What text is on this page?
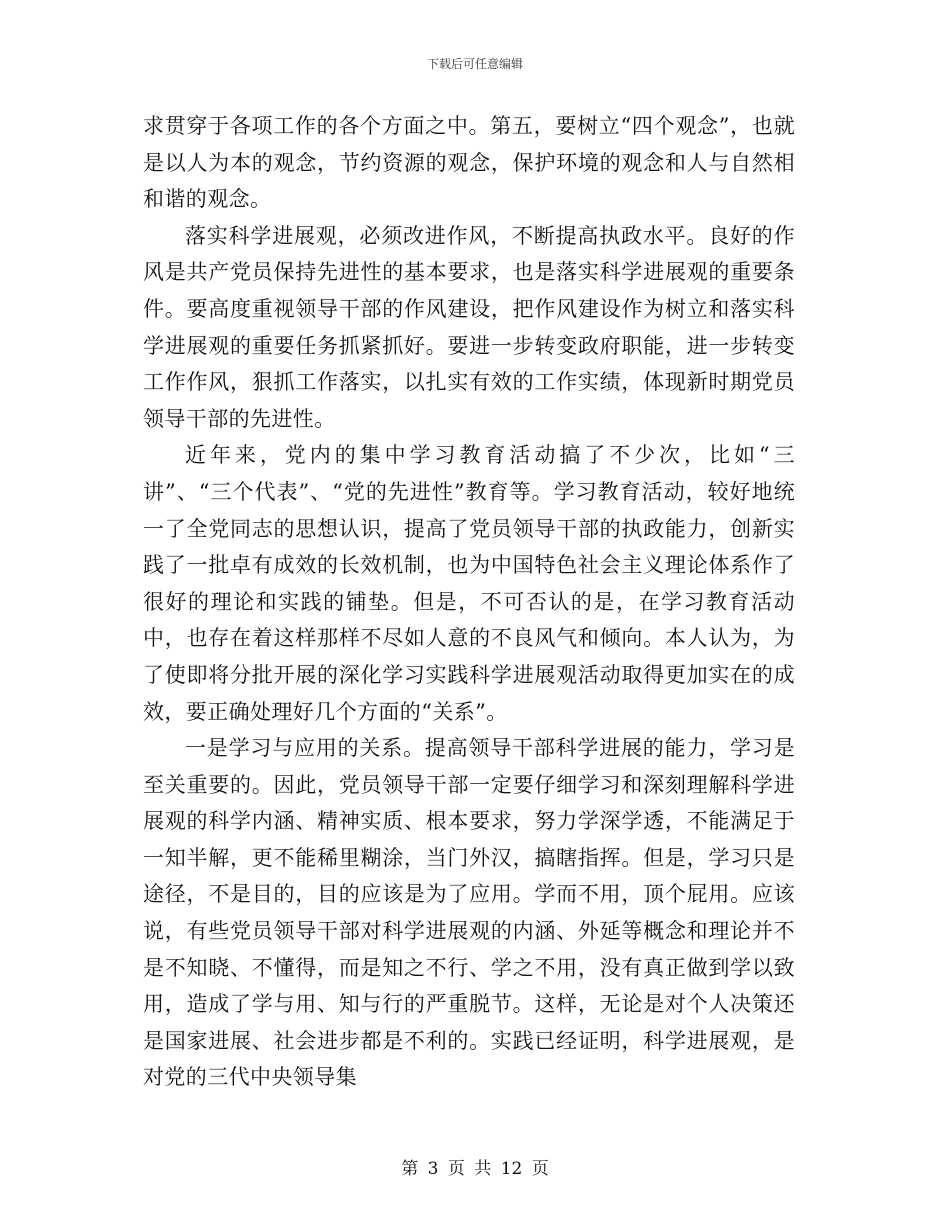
下载后可任意编辑

求贯穿于各项工作的各个方面之中。第五，要树立“四个观念”，也就是以人为本的观念，节约资源的观念，保护环境的观念和人与自然相和谐的观念。

落实科学进展观，必须改进作风，不断提高执政水平。良好的作风是共产党员保持先进性的基本要求，也是落实科学进展观的重要条件。要高度重视领导干部的作风建设，把作风建设作为树立和落实科学进展观的重要任务抓紧抓好。要进一步转变政府职能，进一步转变工作作风，狠抓工作落实，以扎实有效的工作实绩，体现新时期党员领导干部的先进性。

近年来，党内的集中学习教育活动搞了不少次，比如“三讲”、“三个代表”、“党的先进性”教育等。学习教育活动，较好地统一了全党同志的思想认识，提高了党员领导干部的执政能力，创新实践了一批卓有成效的长效机制，也为中国特色社会主义理论体系作了很好的理论和实践的铺垫。但是，不可否认的是，在学习教育活动中，也存在着这样那样不尽如人意的不良风气和倾向。本人认为，为了使即将分批开展的深化学习实践科学进展观活动取得更加实在的成效，要正确处理好几个方面的“关系”。

一是学习与应用的关系。提高领导干部科学进展的能力，学习是至关重要的。因此，党员领导干部一定要仔细学习和深刻理解科学进展观的科学内涵、精神实质、根本要求，努力学深学透，不能满足于一知半解，更不能稀里糊涂，当门外汉，搞瞎指挥。但是，学习只是途径，不是目的，目的应该是为了应用。学而不用，顶个屁用。应该说，有些党员领导干部对科学进展观的内涵、外延等概念和理论并不是不知晓、不懂得，而是知之不行、学之不用，没有真正做到学以致用，造成了学与用、知与行的严重脱节。这样，无论是对个人决策还是国家进展、社会进步都是不利的。实践已经证明，科学进展观，是对党的三代中央领导集

第 3 页 共 12 页
